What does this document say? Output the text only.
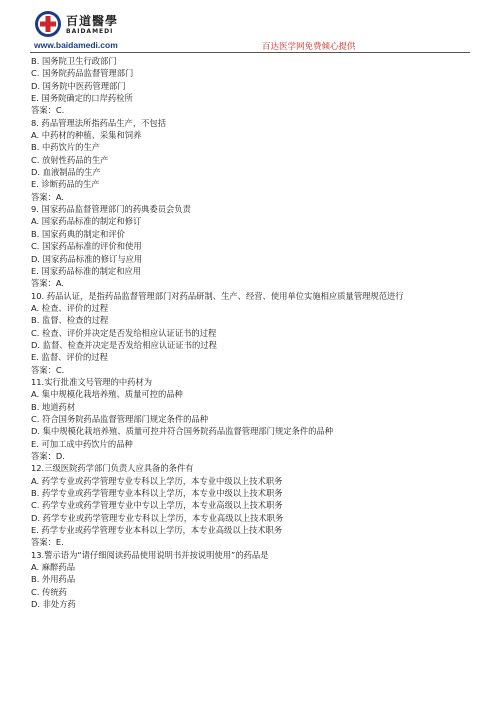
百道醫學
BAIDAMEDI
www.baidamedi.com	百达医学网免费倾心提供
B. 国务院卫生行政部门
C. 国务院药品监督管理部门
D. 国务院中医药管理部门
E. 国务院确定的口岸药检所
答案：C.
8. 药品管理法所指药品生产，不包括
A. 中药材的种植、采集和饲养
B. 中药饮片的生产
C. 放射性药品的生产
D. 血液制品的生产
E. 诊断药品的生产
答案：A.
9. 国家药品监督管理部门的药典委员会负责
A. 国家药品标准的制定和修订
B. 国家药典的制定和评价
C. 国家药品标准的评价和使用
D. 国家药品标准的修订与应用
E. 国家药品标准的制定和应用
答案：A.
10. 药品认证，是指药品监督管理部门对药品研制、生产、经营、使用单位实施相应质量管理规范进行
A. 检查、评价的过程
B. 监督、检查的过程
C. 检查、评价并决定是否发给相应认证证书的过程
D. 监督、检查并决定是否发给相应认证证书的过程
E. 监督、评价的过程
答案：C.
11.实行批准文号管理的中药材为
A. 集中规模化栽培养殖、质量可控的品种
B. 地道药材
C. 符合国务院药品监督管理部门规定条件的品种
D. 集中规模化栽培养殖、质量可控并符合国务院药品监督管理部门规定条件的品种
E. 可加工成中药饮片的品种
答案：D.
12.三级医院药学部门负责人应具备的条件有
A. 药学专业或药学管理专业专科以上学历，本专业中级以上技术职务
B. 药学专业或药学管理专业本科以上学历，本专业中级以上技术职务
C. 药学专业或药学管理专业中专以上学历，本专业高级以上技术职务
D. 药学专业或药学管理专业专科以上学历，本专业高级以上技术职务
E. 药学专业或药学管理专业本科以上学历，本专业高级以上技术职务
答案：E.
13.警示语为“请仔细阅读药品使用说明书并按说明使用”的药品是
A. 麻醉药品
B. 外用药品
C. 传统药
D. 非处方药
